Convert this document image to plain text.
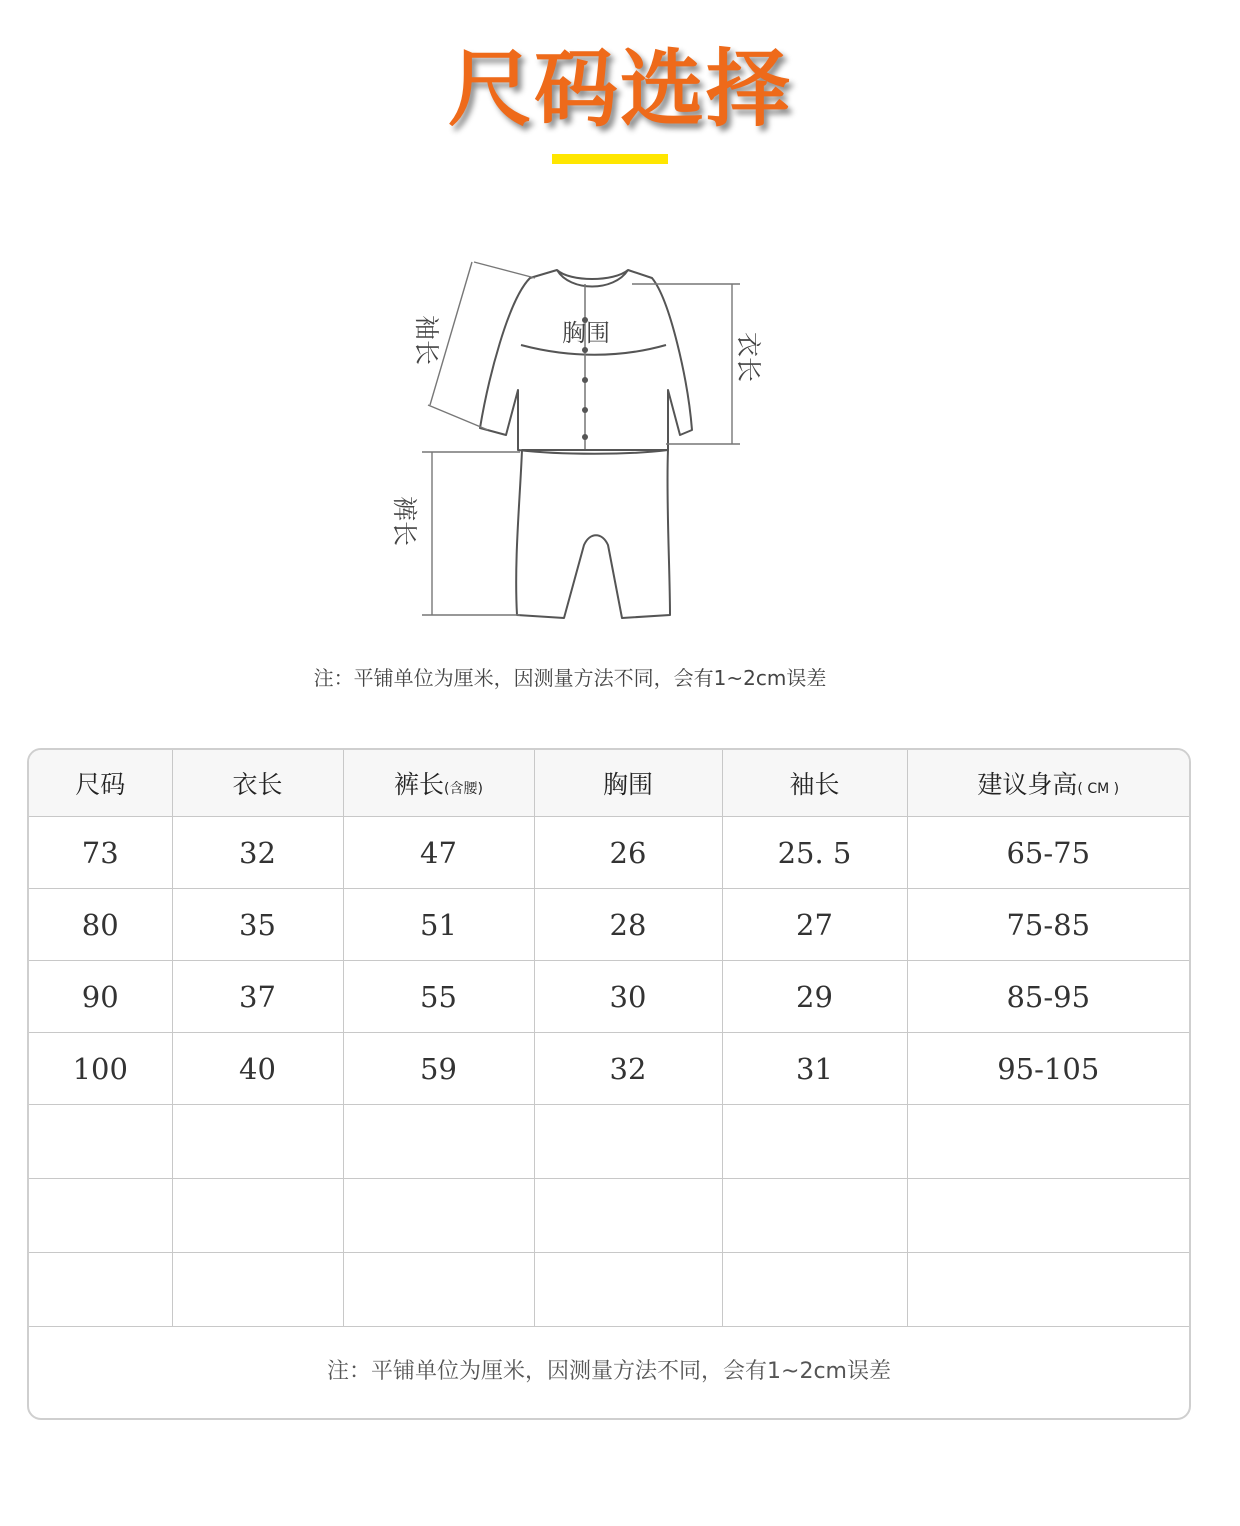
尺码选择
胸围
袖长	衣长
裤长
注：平铺单位为厘米，因测量方法不同，会有1~2cm误差
尺码	衣长	裤长(含腰)	胸围	袖长	建议身高( CM )
73	32	47	26	25. 5	65-75
80	35	51	28	27	75-85
90	37	55	30	29	85-95
100	40	59	32	31	95-105

注：平铺单位为厘米，因测量方法不同，会有1~2cm误差
